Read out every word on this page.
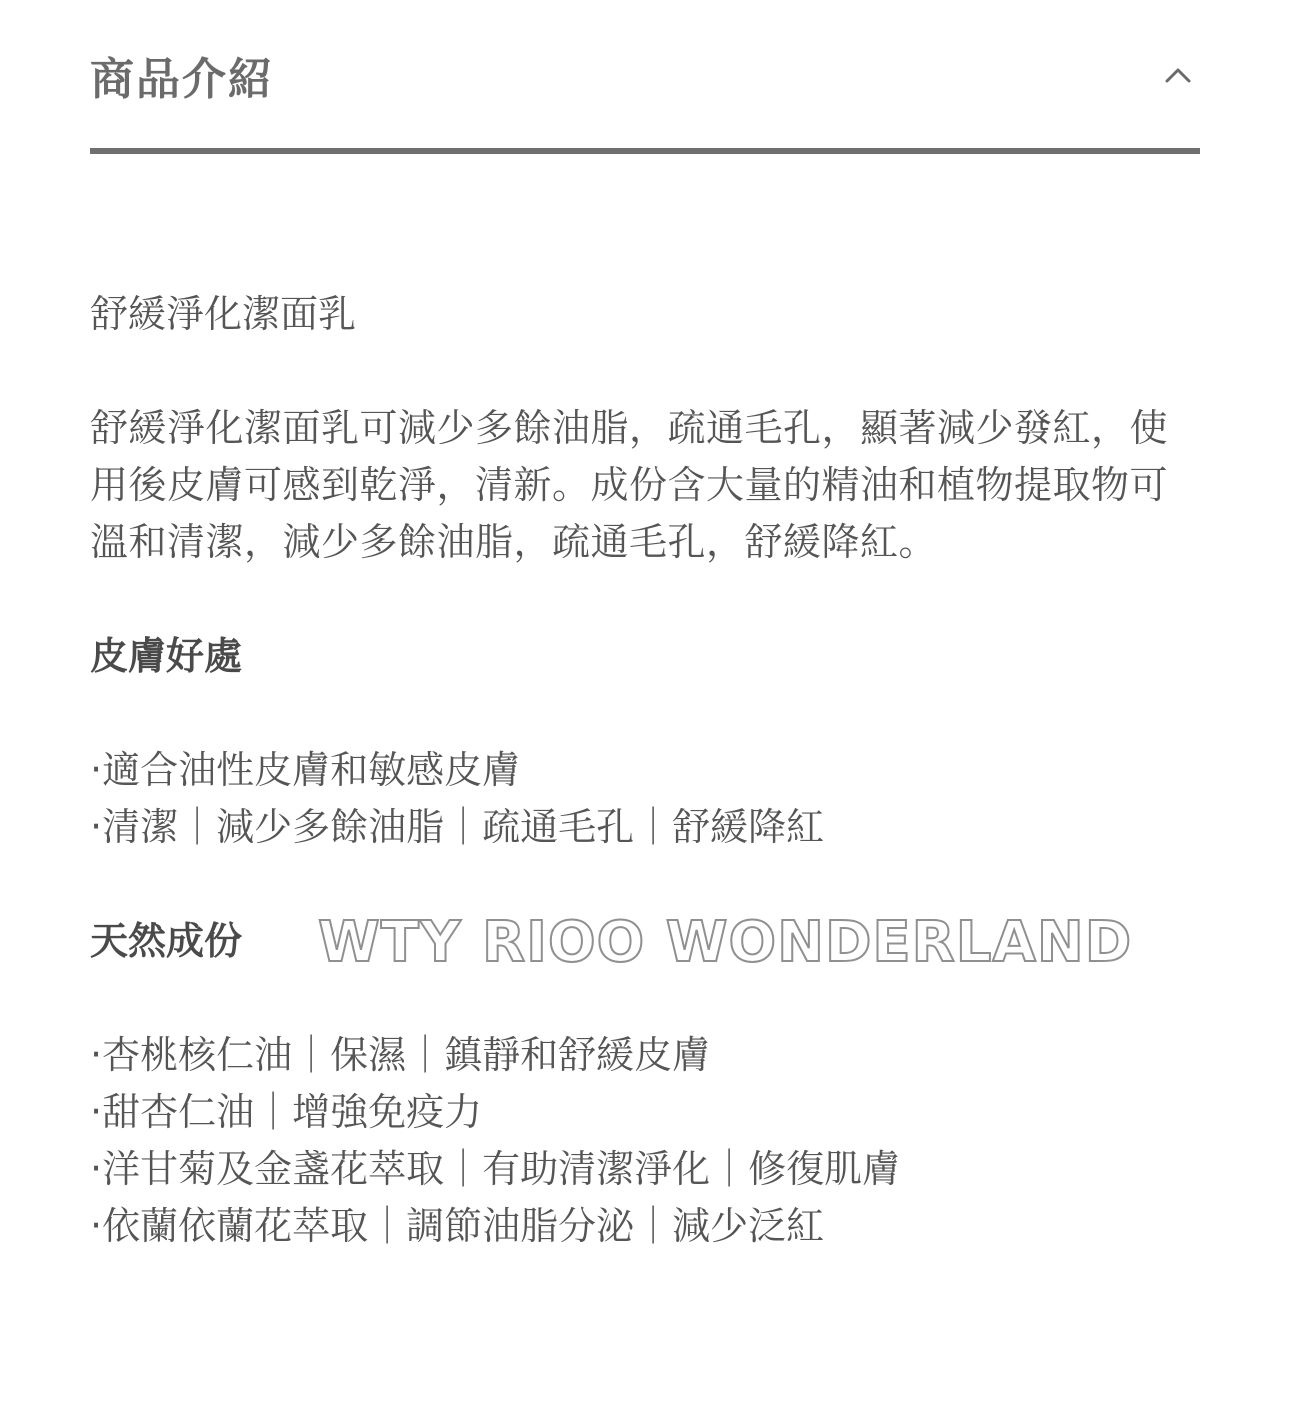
商品介紹

舒緩淨化潔面乳

舒緩淨化潔面乳可減少多餘油脂，疏通毛孔，顯著減少發紅，使用後皮膚可感到乾淨，清新。成份含大量的精油和植物提取物可溫和清潔，減少多餘油脂，疏通毛孔，舒緩降紅。

皮膚好處

‧適合油性皮膚和敏感皮膚
‧清潔｜減少多餘油脂｜疏通毛孔｜舒緩降紅

天然成份 WTY RIOO WONDERLAND
‧杏桃核仁油｜保濕｜鎮靜和舒緩皮膚
‧甜杏仁油｜增強免疫力
‧洋甘菊及金盞花萃取｜有助清潔淨化｜修復肌膚
‧依蘭依蘭花萃取｜調節油脂分泌｜減少泛紅
